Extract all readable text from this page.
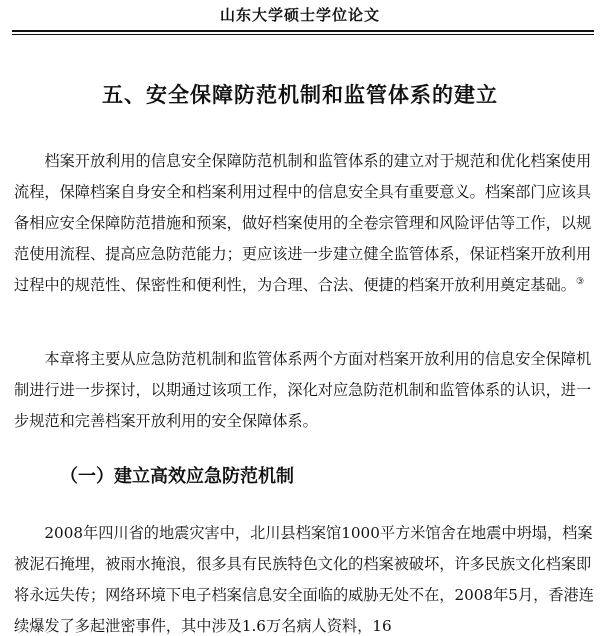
山东大学硕士学位论文
五、安全保障防范机制和监管体系的建立

档案开放利用的信息安全保障防范机制和监管体系的建立对于规范和优化档案使用流程，保障档案自身安全和档案利用过程中的信息安全具有重要意义。档案部门应该具备相应安全保障防范措施和预案，做好档案使用的全卷宗管理和风险评估等工作，以规范使用流程、提高应急防范能力；更应该进一步建立健全监管体系，保证档案开放利用过程中的规范性、保密性和便利性，为合理、合法、便捷的档案开放利用奠定基础。③

本章将主要从应急防范机制和监管体系两个方面对档案开放利用的信息安全保障机制进行进一步探讨，以期通过该项工作，深化对应急防范机制和监管体系的认识，进一步规范和完善档案开放利用的安全保障体系。

（一）建立高效应急防范机制

2008年四川省的地震灾害中，北川县档案馆1000平方米馆舍在地震中坍塌，档案被泥石掩埋，被雨水掩浪，很多具有民族特色文化的档案被破坏，许多民族文化档案即将永远失传；网络环境下电子档案信息安全面临的威胁无处不在，2008年5月，香港连续爆发了多起泄密事件，其中涉及1.6万名病人资料，16
